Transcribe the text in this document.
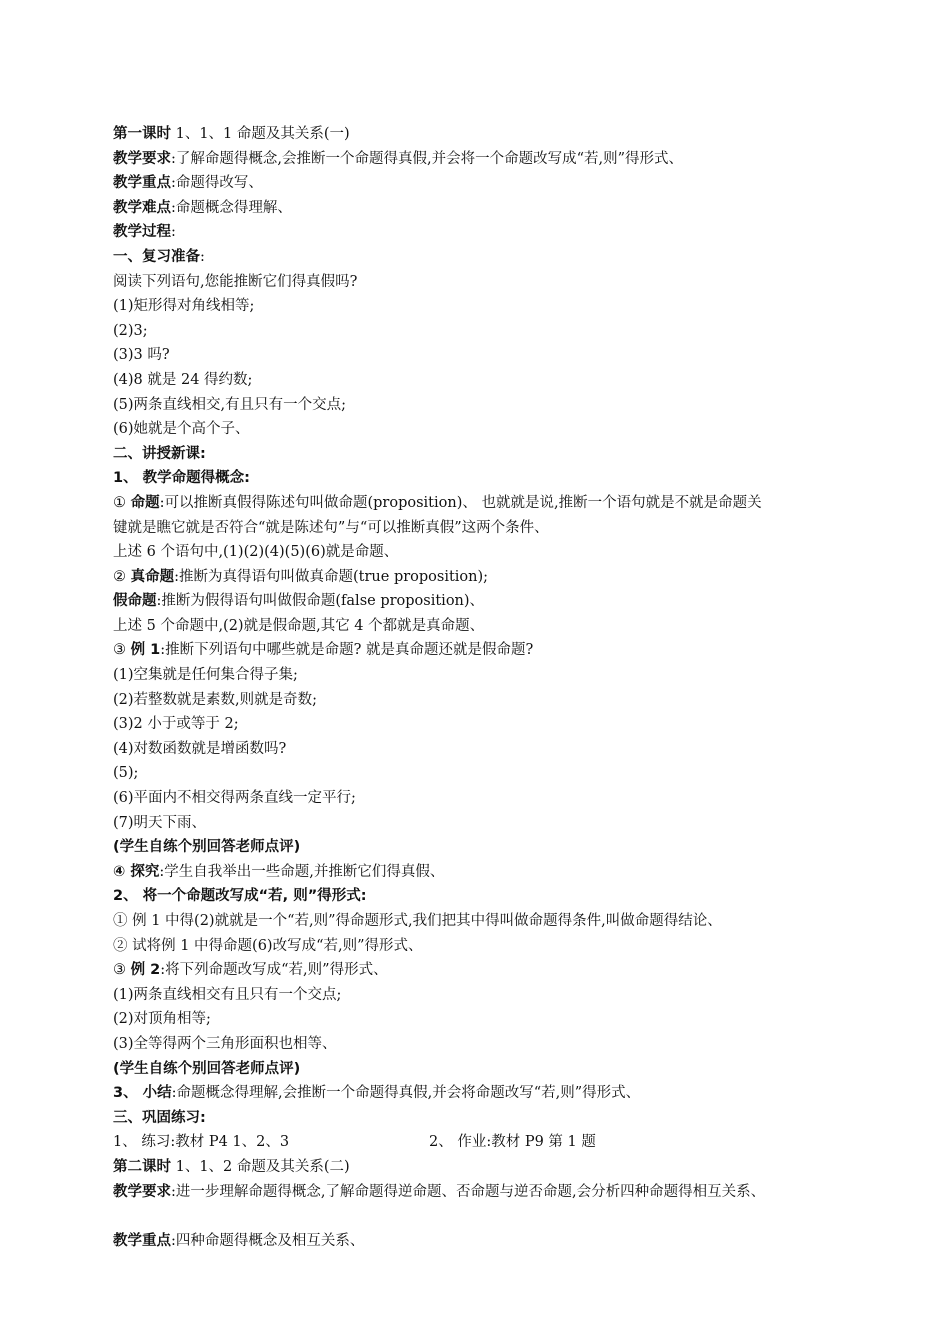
第一课时 1、1、1 命题及其关系(一)
教学要求:了解命题得概念,会推断一个命题得真假,并会将一个命题改写成“若,则”得形式、
教学重点:命题得改写、
教学难点:命题概念得理解、
教学过程:
一、复习准备:
阅读下列语句,您能推断它们得真假吗?
(1)矩形得对角线相等;
(2)3;
(3)3 吗?
(4)8 就是 24 得约数;
(5)两条直线相交,有且只有一个交点;
(6)她就是个高个子、
二、讲授新课:
1、 教学命题得概念:
① 命题:可以推断真假得陈述句叫做命题(proposition)、 也就就是说,推断一个语句就是不就是命题关
键就是瞧它就是否符合“就是陈述句”与“可以推断真假”这两个条件、
上述 6 个语句中,(1)(2)(4)(5)(6)就是命题、
② 真命题:推断为真得语句叫做真命题(true proposition);
假命题:推断为假得语句叫做假命题(false proposition)、
上述 5 个命题中,(2)就是假命题,其它 4 个都就是真命题、
③ 例 1:推断下列语句中哪些就是命题? 就是真命题还就是假命题?
(1)空集就是任何集合得子集;
(2)若整数就是素数,则就是奇数;
(3)2 小于或等于 2;
(4)对数函数就是增函数吗?
(5);
(6)平面内不相交得两条直线一定平行;
(7)明天下雨、
(学生自练个别回答老师点评)
④ 探究:学生自我举出一些命题,并推断它们得真假、
2、 将一个命题改写成“若, 则”得形式:
① 例 1 中得(2)就就是一个“若,则”得命题形式,我们把其中得叫做命题得条件,叫做命题得结论、
② 试将例 1 中得命题(6)改写成“若,则”得形式、
③ 例 2:将下列命题改写成“若,则”得形式、
(1)两条直线相交有且只有一个交点;
(2)对顶角相等;
(3)全等得两个三角形面积也相等、
(学生自练个别回答老师点评)
3、 小结:命题概念得理解,会推断一个命题得真假,并会将命题改写“若,则”得形式、
三、巩固练习:
1、 练习:教材 P4 1、2、3	2、 作业:教材 P9 第 1 题
第二课时 1、1、2 命题及其关系(二)
教学要求:进一步理解命题得概念,了解命题得逆命题、否命题与逆否命题,会分析四种命题得相互关系、
教学重点:四种命题得概念及相互关系、
